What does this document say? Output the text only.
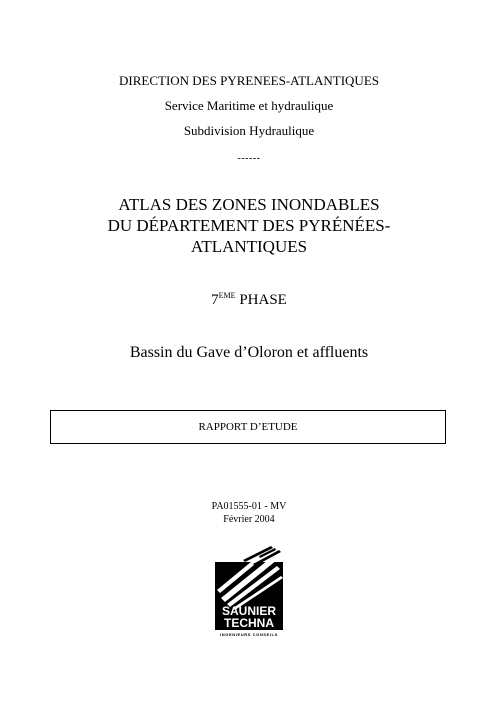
DIRECTION DES PYRENEES-ATLANTIQUES
Service Maritime et hydraulique
Subdivision Hydraulique
------
ATLAS DES ZONES INONDABLES
DU DÉPARTEMENT DES PYRÉNÉES-
ATLANTIQUES
7EME PHASE
Bassin du Gave d’Oloron et affluents
RAPPORT D’ETUDE
PA01555-01 - MV
Février 2004
SAUNIER
TECHNA
INGENIEURS CONSEILS
